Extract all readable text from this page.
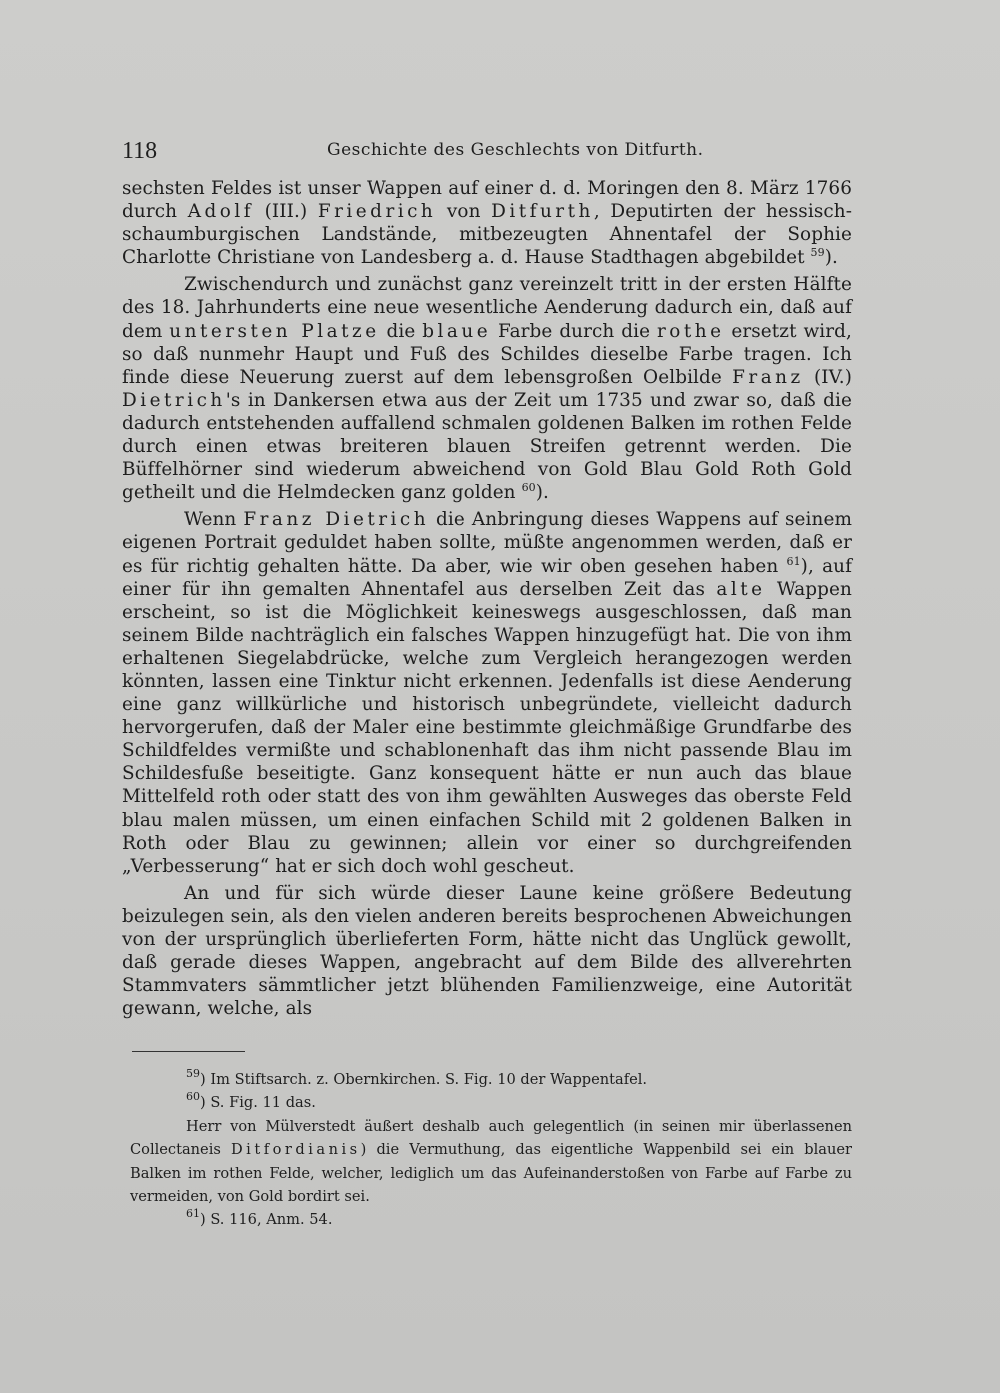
118	Geschichte des Geschlechts von Ditfurth.

sechsten Feldes ist unser Wappen auf einer d. d. Moringen den 8. März 1766 durch Adolf (III.) Friedrich von Ditfurth, Deputirten der hessisch-schaumburgischen Landstände, mitbezeugten Ahnentafel der Sophie Charlotte Christiane von Landesberg a. d. Hause Stadthagen abgebildet $^{59}$).

Zwischendurch und zunächst ganz vereinzelt tritt in der ersten Hälfte des 18. Jahrhunderts eine neue wesentliche Aenderung dadurch ein, daß auf dem untersten Platze die blaue Farbe durch die rothe ersetzt wird, so daß nunmehr Haupt und Fuß des Schildes dieselbe Farbe tragen. Ich finde diese Neuerung zuerst auf dem lebensgroßen Oelbilde Franz (IV.) Dietrich's in Dankersen etwa aus der Zeit um 1735 und zwar so, daß die dadurch entstehenden auffallend schmalen goldenen Balken im rothen Felde durch einen etwas breiteren blauen Streifen getrennt werden. Die Büffelhörner sind wiederum abweichend von Gold Blau Gold Roth Gold getheilt und die Helmdecken ganz golden $^{60}$).

Wenn Franz Dietrich die Anbringung dieses Wappens auf seinem eigenen Portrait geduldet haben sollte, müßte angenommen werden, daß er es für richtig gehalten hätte. Da aber, wie wir oben gesehen haben $^{61}$), auf einer für ihn gemalten Ahnentafel aus derselben Zeit das alte Wappen erscheint, so ist die Möglichkeit keineswegs ausgeschlossen, daß man seinem Bilde nachträglich ein falsches Wappen hinzugefügt hat. Die von ihm erhaltenen Siegelabdrücke, welche zum Vergleich herangezogen werden könnten, lassen eine Tinktur nicht erkennen. Jedenfalls ist diese Aenderung eine ganz willkürliche und historisch unbegründete, vielleicht dadurch hervorgerufen, daß der Maler eine bestimmte gleichmäßige Grundfarbe des Schildfeldes vermißte und schablonenhaft das ihm nicht passende Blau im Schildesfuße beseitigte. Ganz konsequent hätte er nun auch das blaue Mittelfeld roth oder statt des von ihm gewählten Ausweges das oberste Feld blau malen müssen, um einen einfachen Schild mit 2 goldenen Balken in Roth oder Blau zu gewinnen; allein vor einer so durchgreifenden „Verbesserung“ hat er sich doch wohl gescheut.

An und für sich würde dieser Laune keine größere Bedeutung beizulegen sein, als den vielen anderen bereits besprochenen Abweichungen von der ursprünglich überlieferten Form, hätte nicht das Unglück gewollt, daß gerade dieses Wappen, angebracht auf dem Bilde des allverehrten Stammvaters sämmtlicher jetzt blühenden Familienzweige, eine Autorität gewann, welche, als

$^{59}$) Im Stiftsarch. z. Obernkirchen. S. Fig. 10 der Wappentafel.

$^{60}$) S. Fig. 11 das.

Herr von Mülverstedt äußert deshalb auch gelegentlich (in seinen mir überlassenen Collectaneis Ditfordianis) die Vermuthung, das eigentliche Wappenbild sei ein blauer Balken im rothen Felde, welcher, lediglich um das Aufeinanderstoßen von Farbe auf Farbe zu vermeiden, von Gold bordirt sei.

$^{61}$) S. 116, Anm. 54.
